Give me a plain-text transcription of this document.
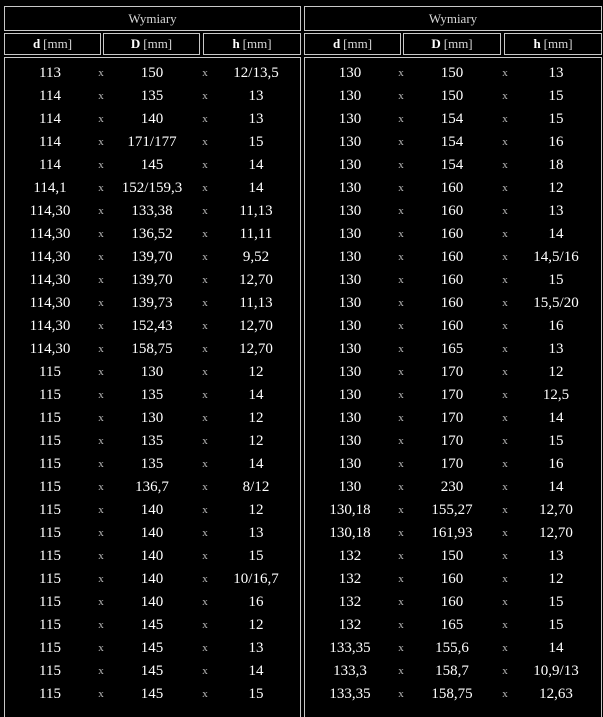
Wymiary
d [mm]	D [mm]	h [mm]
113	x	150	x	12/13,5
114	x	135	x	13
114	x	140	x	13
114	x	171/177	x	15
114	x	145	x	14
114,1	x	152/159,3	x	14
114,30	x	133,38	x	11,13
114,30	x	136,52	x	11,11
114,30	x	139,70	x	9,52
114,30	x	139,70	x	12,70
114,30	x	139,73	x	11,13
114,30	x	152,43	x	12,70
114,30	x	158,75	x	12,70
115	x	130	x	12
115	x	135	x	14
115	x	130	x	12
115	x	135	x	12
115	x	135	x	14
115	x	136,7	x	8/12
115	x	140	x	12
115	x	140	x	13
115	x	140	x	15
115	x	140	x	10/16,7
115	x	140	x	16
115	x	145	x	12
115	x	145	x	13
115	x	145	x	14
115	x	145	x	15
Wymiary
d [mm]	D [mm]	h [mm]
130	x	150	x	13
130	x	150	x	15
130	x	154	x	15
130	x	154	x	16
130	x	154	x	18
130	x	160	x	12
130	x	160	x	13
130	x	160	x	14
130	x	160	x	14,5/16
130	x	160	x	15
130	x	160	x	15,5/20
130	x	160	x	16
130	x	165	x	13
130	x	170	x	12
130	x	170	x	12,5
130	x	170	x	14
130	x	170	x	15
130	x	170	x	16
130	x	230	x	14
130,18	x	155,27	x	12,70
130,18	x	161,93	x	12,70
132	x	150	x	13
132	x	160	x	12
132	x	160	x	15
132	x	165	x	15
133,35	x	155,6	x	14
133,3	x	158,7	x	10,9/13
133,35	x	158,75	x	12,63
